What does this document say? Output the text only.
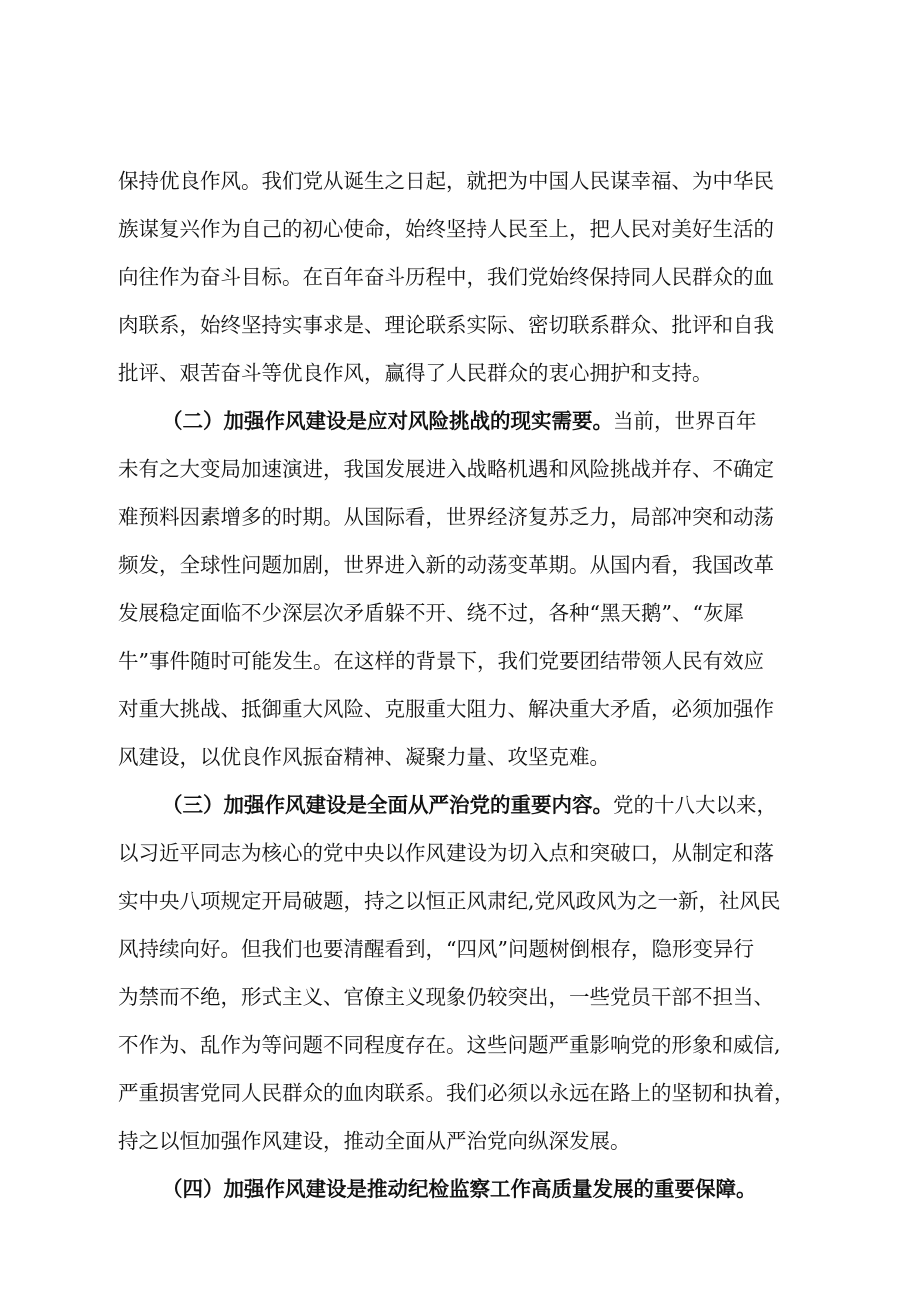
保持优良作风。我们党从诞生之日起，就把为中国人民谋幸福、为中华民
族谋复兴作为自己的初心使命，始终坚持人民至上，把人民对美好生活的
向往作为奋斗目标。在百年奋斗历程中，我们党始终保持同人民群众的血
肉联系，始终坚持实事求是、理论联系实际、密切联系群众、批评和自我
批评、艰苦奋斗等优良作风，赢得了人民群众的衷心拥护和支持。
（二）加强作风建设是应对风险挑战的现实需要。当前，世界百年
未有之大变局加速演进，我国发展进入战略机遇和风险挑战并存、不确定
难预料因素增多的时期。从国际看，世界经济复苏乏力，局部冲突和动荡
频发，全球性问题加剧，世界进入新的动荡变革期。从国内看，我国改革
发展稳定面临不少深层次矛盾躲不开、绕不过，各种“黑天鹅”、“灰犀
牛”事件随时可能发生。在这样的背景下，我们党要团结带领人民有效应
对重大挑战、抵御重大风险、克服重大阻力、解决重大矛盾，必须加强作
风建设，以优良作风振奋精神、凝聚力量、攻坚克难。
（三）加强作风建设是全面从严治党的重要内容。党的十八大以来，
以习近平同志为核心的党中央以作风建设为切入点和突破口，从制定和落
实中央八项规定开局破题，持之以恒正风肃纪,党风政风为之一新，社风民
风持续向好。但我们也要清醒看到，“四风”问题树倒根存，隐形变异行
为禁而不绝，形式主义、官僚主义现象仍较突出，一些党员干部不担当、
不作为、乱作为等问题不同程度存在。这些问题严重影响党的形象和威信,
严重损害党同人民群众的血肉联系。我们必须以永远在路上的坚韧和执着，
持之以恒加强作风建设，推动全面从严治党向纵深发展。
（四）加强作风建设是推动纪检监察工作高质量发展的重要保障。
